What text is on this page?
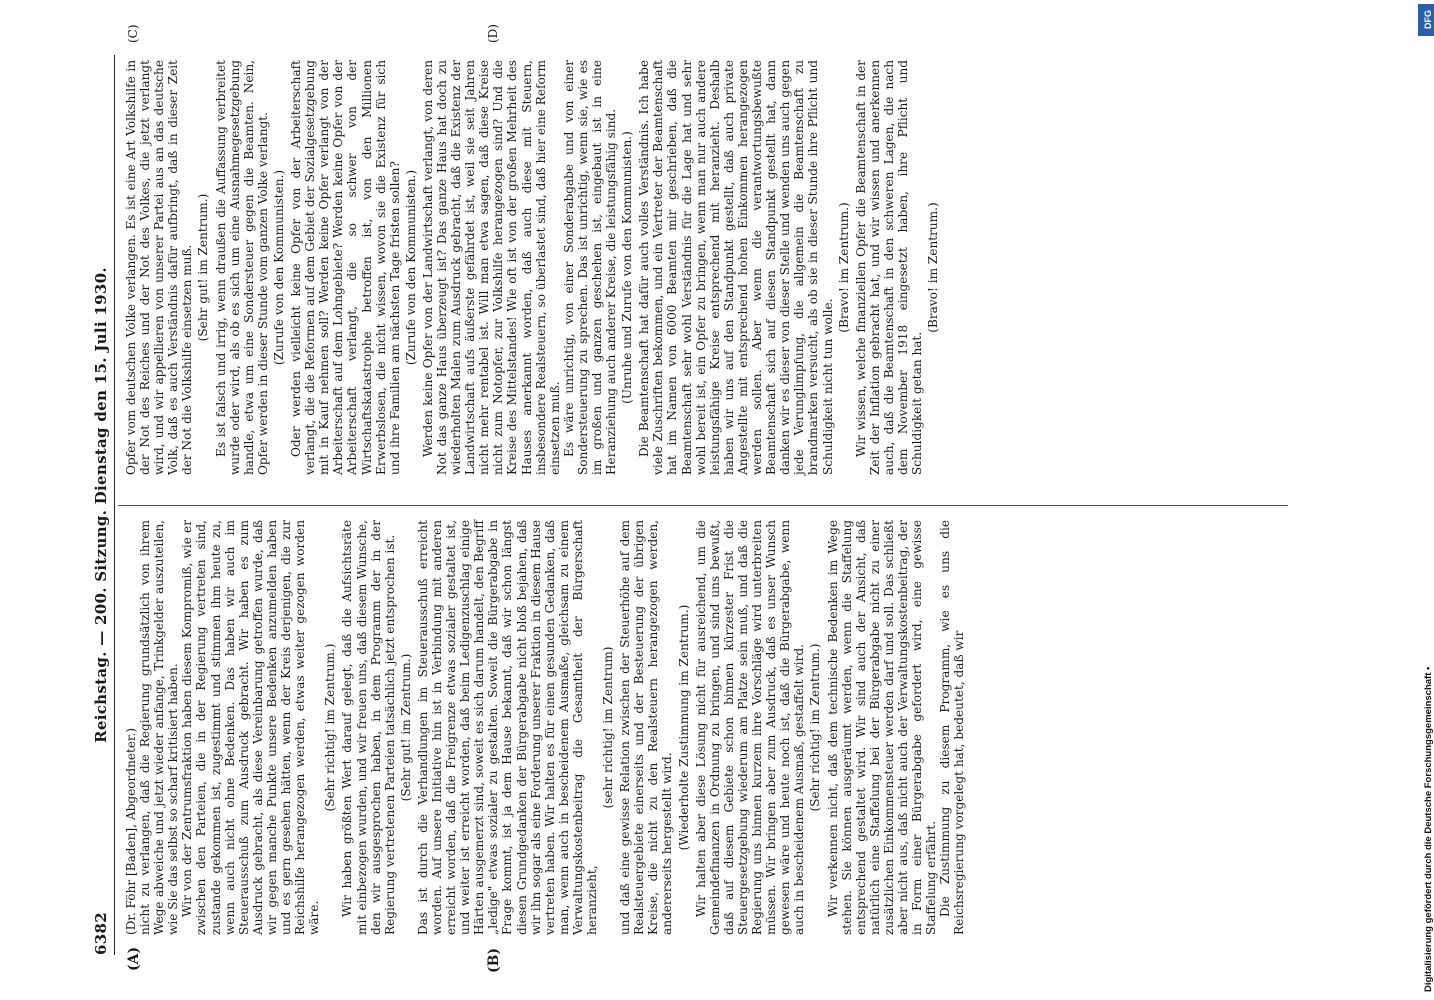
6382
Reichstag. — 200. Sitzung. Dienstag den 15. Juli 1930.
(A)	(B)
(C)	(D)

(Dr. Föhr [Baden], Abgeordneter.) nicht zu verlangen, daß die Regierung grundsätzlich von ihrem Wege abweiche und jetzt wieder anfange, Trinkgelder auszuteilen, wie Sie das selbst so scharf kritisiert haben. Wir von der Zentrumsfraktion haben diesem Kompromiß, wie er zwischen den Parteien, die in der Regierung vertreten sind, zustande gekommen ist, zugestimmt und stimmen ihm heute zu, wenn auch nicht ohne Bedenken. Das haben wir auch im Steuerausschuß zum Ausdruck gebracht. Wir haben es zum Ausdruck gebracht, als diese Vereinbarung getroffen wurde, daß wir gegen manche Punkte unsere Bedenken anzumelden haben und es gern gesehen hätten, wenn der Kreis derjenigen, die zur Reichshilfe herangezogen werden, etwas weiter gezogen worden wäre.

(Sehr richtig! im Zentrum.) Wir haben größten Wert darauf gelegt, daß die Aufsichtsräte mit einbezogen wurden, und wir freuen uns, daß diesem Wunsche, den wir ausgesprochen haben, in dem Programm der in der Regierung vertretenen Parteien tatsächlich jetzt entsprochen ist. (Sehr gut! im Zentrum.) Das ist durch die Verhandlungen im Steuerausschuß erreicht worden. Auf unsere Initiative hin ist in Verbindung mit anderen erreicht worden, daß die Freigrenze etwas sozialer gestaltet ist, und weiter ist erreicht worden, daß beim Ledigenzuschlag einige Härten ausgemerzt sind, soweit es sich darum handelt, den Begriff „ledige" etwas sozialer zu gestalten. Soweit die Bürgerabgabe in Frage kommt, ist ja dem Hause bekannt, daß wir schon längst diesen Grundgedanken der Bürgerabgabe nicht bloß bejahen, daß wir ihn sogar als eine Forderung unserer Fraktion in diesem Hause vertreten haben. Wir halten es für einen gesunden Gedanken, daß man, wenn auch in bescheidenem Ausmaße, gleichsam zu einem Verwaltungskostenbeitrag die Gesamtheit der Bürgerschaft heranzieht,

(sehr richtig! im Zentrum) und daß eine gewisse Relation zwischen der Steuerhöhe auf dem Realsteuergebiete einerseits und der Besteuerung der übrigen Kreise, die nicht zu den Realsteuern herangezogen werden, andererseits hergestellt wird. (Wiederholte Zustimmung im Zentrum.) Wir halten aber diese Lösung nicht für ausreichend, um die Gemeindefinanzen in Ordnung zu bringen, und sind uns bewußt, daß auf diesem Gebiete schon binnen kürzester Frist die Steuergesetzgebung wiederum am Platze sein muß, und daß die Regierung uns binnen kurzem ihre Vorschläge wird unterbreiten müssen. Wir bringen aber zum Ausdruck, daß es unser Wunsch gewesen wäre und heute noch ist, daß die Bürgerabgabe, wenn auch in bescheidenem Ausmaß, gestaffelt wird. (Sehr richtig! im Zentrum.) Wir verkennen nicht, daß dem technische Bedenken im Wege stehen. Sie können ausgeräumt werden, wenn die Staffelung entsprechend gestaltet wird. Wir sind auch der Ansicht, daß natürlich eine Staffelung bei der Bürgerabgabe nicht zu einer zusätzlichen Einkommensteuer werden darf und soll. Das schließt aber nicht aus, daß nicht auch der Verwaltungskostenbeitrag, der in Form einer Bürgerabgabe gefordert wird, eine gewisse Staffelung erfährt. Die Zustimmung zu diesem Programm, wie es uns die Reichsregierung vorgelegt hat, bedeutet, daß wir

Opfer vom deutschen Volke verlangen. Es ist eine Art Volkshilfe in der Not des Reiches und der Not des Volkes, die jetzt verlangt wird, und wir appellieren von unserer Partei aus an das deutsche Volk, daß es auch Verständnis dafür aufbringt, daß in dieser Zeit der Not die Volkshilfe einsetzen muß. (Sehr gut! im Zentrum.) Es ist falsch und irrig, wenn draußen die Auffassung verbreitet wurde oder wird, als ob es sich um eine Ausnahmegesetzgebung handle, etwa um eine Sondersteuer gegen die Beamten. Nein, Opfer werden in dieser Stunde vom ganzen Volke verlangt. (Zurufe von den Kommunisten.) Oder werden vielleicht keine Opfer von der Arbeiterschaft verlangt, die die Reformen auf dem Gebiet der Sozialgesetzgebung mit in Kauf nehmen soll? Werden keine Opfer verlangt von der Arbeiterschaft auf dem Lohngebiete? Werden keine Opfer von der Arbeiterschaft verlangt, die so schwer von der Wirtschaftskatastrophe betroffen ist, von den Millionen Erwerbslosen, die nicht wissen, wovon sie die Existenz für sich und ihre Familien am nächsten Tage fristen sollen? (Zurufe von den Kommunisten.) Werden keine Opfer von der Landwirtschaft verlangt, von deren Not das ganze Haus überzeugt ist? Das ganze Haus hat doch zu wiederholten Malen zum Ausdruck gebracht, daß die Existenz der Landwirtschaft aufs äußerste gefährdet ist, weil sie seit Jahren nicht mehr rentabel ist. Will man etwa sagen, daß diese Kreise nicht zum Notopfer, zur Volkshilfe herangezogen sind? Und die Kreise des Mittelstandes! Wie oft ist von der großen Mehrheit des Hauses anerkannt worden, daß auch diese mit Steuern, insbesondere Realsteuern, so überlastet sind, daß hier eine Reform einsetzen muß. Es wäre unrichtig, von einer Sonderabgabe und von einer Sondersteuerung zu sprechen. Das ist unrichtig, wenn sie, wie es im großen und ganzen geschehen ist, eingebaut ist in eine Heranziehung auch anderer Kreise, die leistungsfähig sind. (Unruhe und Zurufe von den Kommunisten.) Die Beamtenschaft hat dafür auch volles Verständnis. Ich habe viele Zuschriften bekommen, und ein Vertreter der Beamtenschaft hat im Namen von 6000 Beamten mir geschrieben, daß die Beamtenschaft sehr wohl Verständnis für die Lage hat und sehr wohl bereit ist, ein Opfer zu bringen, wenn man nur auch andere leistungsfähige Kreise entsprechend mit heranzieht. Deshalb haben wir uns auf den Standpunkt gestellt, daß auch private Angestellte mit entsprechend hohen Einkommen herangezogen werden sollen. Aber wenn die verantwortungsbewußte Beamtenschaft sich auf diesen Standpunkt gestellt hat, dann danken wir es dieser von dieser Stelle und wenden uns auch gegen jede Verunglimpfung, die allgemein die Beamtenschaft zu brandmarken versucht, als ob sie in dieser Stunde ihre Pflicht und Schuldigkeit nicht tun wolle.

(Bravo! im Zentrum.) Wir wissen, welche finanziellen Opfer die Beamtenschaft in der Zeit der Inflation gebracht hat, und wir wissen und anerkennen auch, daß die Beamtenschaft in den schweren Lagen, die nach dem November 1918 eingesetzt haben, ihre Pflicht und Schuldigkeit getan hat.

(Bravo! im Zentrum.)

DFG
Digitalisierung gefördert durch die Deutsche Forschungsgemeinschaft •
